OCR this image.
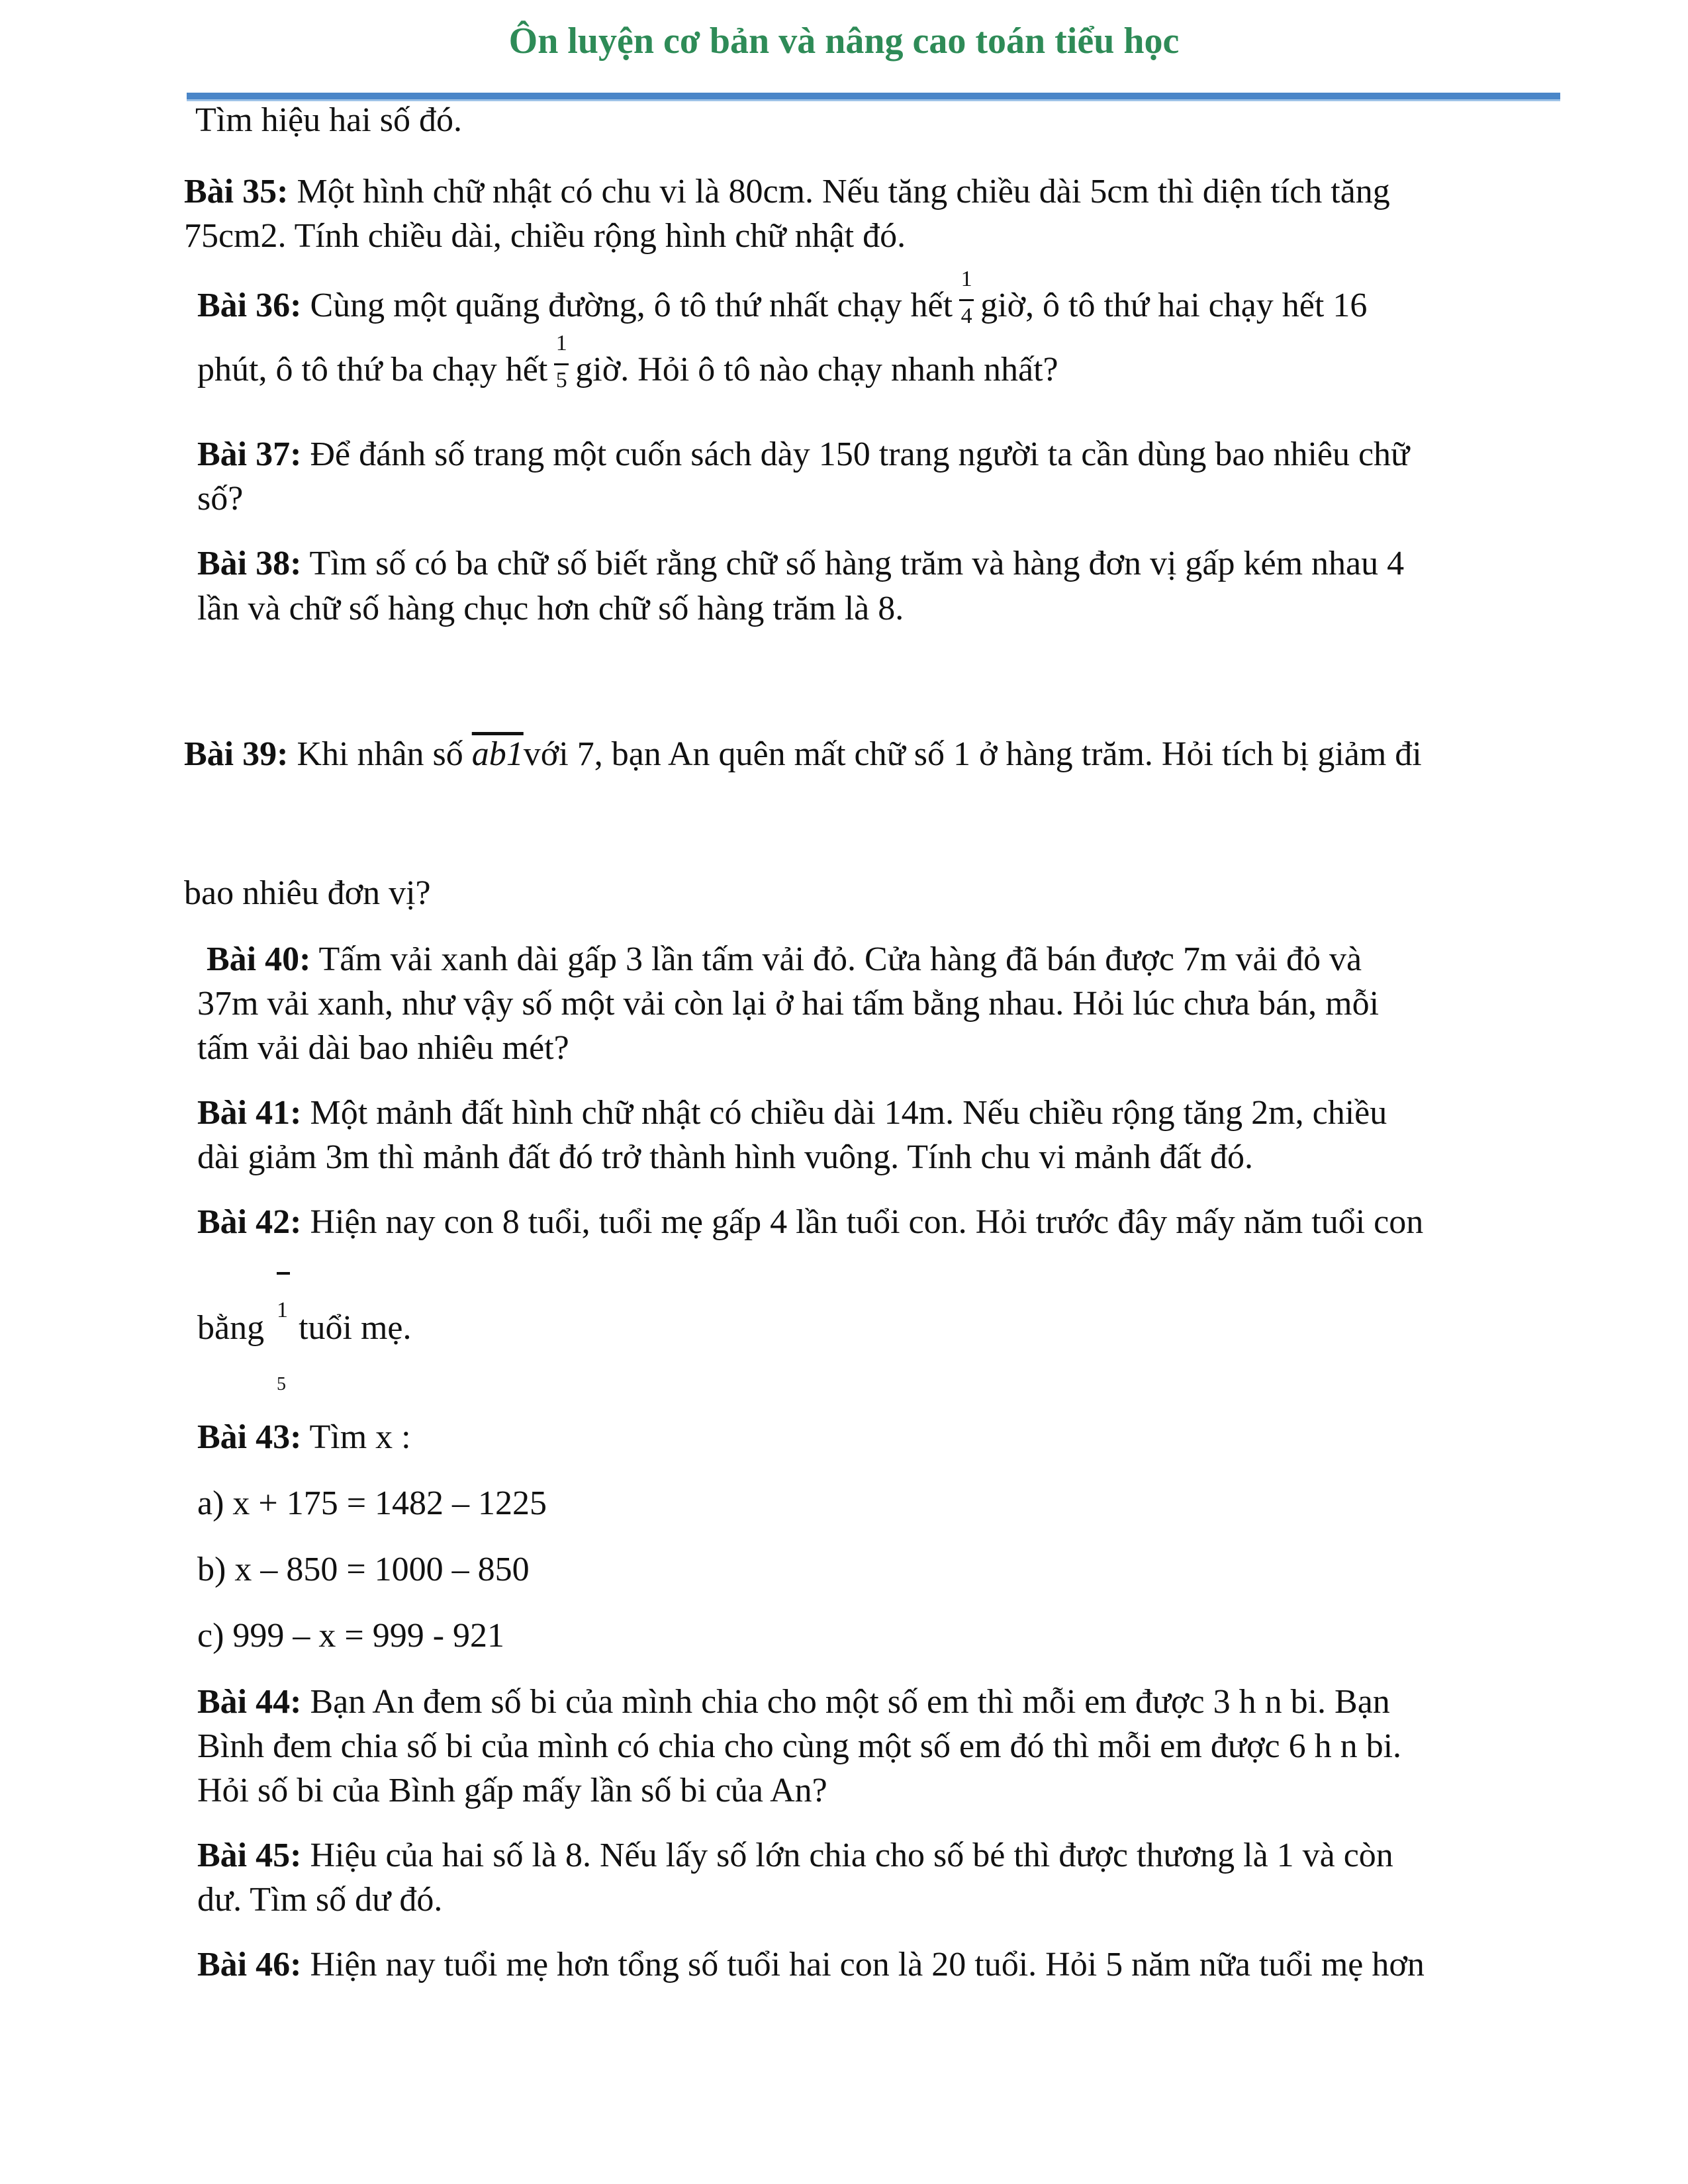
Ôn luyện cơ bản và nâng cao toán tiểu học
Tìm hiệu hai số đó.
Bài 35: Một hình chữ nhật có chu vi là 80cm. Nếu tăng chiều dài 5cm thì diện tích tăng
75cm2. Tính chiều dài, chiều rộng hình chữ nhật đó.
Bài 36: Cùng một quãng đường, ô tô thứ nhất chạy hết $\frac{1}{4}$ giờ, ô tô thứ hai chạy hết 16
phút, ô tô thứ ba chạy hết $\frac{1}{5}$ giờ. Hỏi ô tô nào chạy nhanh nhất?
Bài 37: Để đánh số trang một cuốn sách dày 150 trang người ta cần dùng bao nhiêu chữ
số?
Bài 38: Tìm số có ba chữ số biết rằng chữ số hàng trăm và hàng đơn vị gấp kém nhau 4
lần và chữ số hàng chục hơn chữ số hàng trăm là 8.
Bài 39: Khi nhân số ab1với 7, bạn An quên mất chữ số 1 ở hàng trăm. Hỏi tích bị giảm đi
bao nhiêu đơn vị?
Bài 40: Tấm vải xanh dài gấp 3 lần tấm vải đỏ. Cửa hàng đã bán được 7m vải đỏ và
37m vải xanh, như vậy số một vải còn lại ở hai tấm bằng nhau. Hỏi lúc chưa bán, mỗi
tấm vải dài bao nhiêu mét?
Bài 41: Một mảnh đất hình chữ nhật có chiều dài 14m. Nếu chiều rộng tăng 2m, chiều
dài giảm 3m thì mảnh đất đó trở thành hình vuông. Tính chu vi mảnh đất đó.
Bài 42: Hiện nay con 8 tuổi, tuổi mẹ gấp 4 lần tuổi con. Hỏi trước đây mấy năm tuổi con
1
bằng tuổi mẹ.
5
Bài 43: Tìm x :
a) x + 175 = 1482 – 1225
b) x – 850 = 1000 – 850
c) 999 – x = 999 - 921
Bài 44: Bạn An đem số bi của mình chia cho một số em thì mỗi em được 3 h n bi. Bạn
Bình đem chia số bi của mình có chia cho cùng một số em đó thì mỗi em được 6 h n bi.
Hỏi số bi của Bình gấp mấy lần số bi của An?
Bài 45: Hiệu của hai số là 8. Nếu lấy số lớn chia cho số bé thì được thương là 1 và còn
dư. Tìm số dư đó.
Bài 46: Hiện nay tuổi mẹ hơn tổng số tuổi hai con là 20 tuổi. Hỏi 5 năm nữa tuổi mẹ hơn
